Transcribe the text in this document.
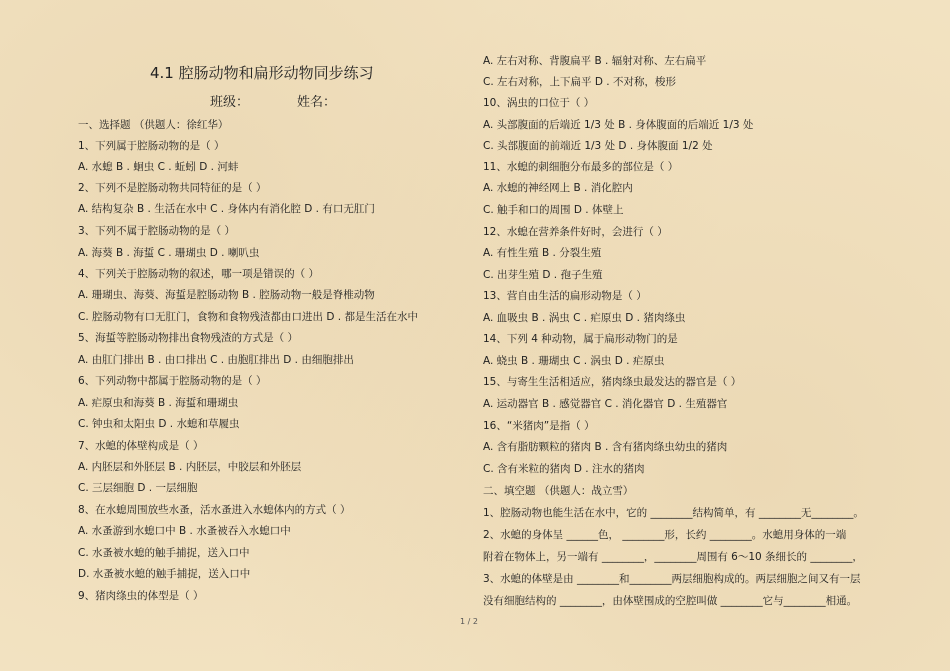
4.1 腔肠动物和扁形动物同步练习
班级：	姓名：
一、选择题 （供题人：徐红华）
1、下列属于腔肠动物的是（ ）
A. 水螅 B . 蛔虫 C . 蚯蚓 D . 河蚌
2、下列不是腔肠动物共同特征的是（ ）
A. 结构复杂 B . 生活在水中 C . 身体内有消化腔 D . 有口无肛门
3、下列不属于腔肠动物的是（ ）
A. 海葵 B . 海蜇 C . 珊瑚虫 D . 喇叭虫
4、下列关于腔肠动物的叙述，哪一项是错误的（ ）
A. 珊瑚虫、海葵、海蜇是腔肠动物 B . 腔肠动物一般是脊椎动物
C. 腔肠动物有口无肛门，食物和食物残渣都由口进出 D . 都是生活在水中
5、海蜇等腔肠动物排出食物残渣的方式是（ ）
A. 由肛门排出 B . 由口排出 C . 由胞肛排出 D . 由细胞排出
6、下列动物中都属于腔肠动物的是（ ）
A. 疟原虫和海葵 B . 海蜇和珊瑚虫
C. 钟虫和太阳虫 D . 水螅和草履虫
7、水螅的体壁构成是（ ）
A. 内胚层和外胚层 B . 内胚层，中胶层和外胚层
C. 三层细胞 D . 一层细胞
8、在水螅周围放些水蚤，活水蚤进入水螅体内的方式（ ）
A. 水蚤游到水螅口中 B . 水蚤被吞入水螅口中
C. 水蚤被水螅的触手捕捉，送入口中
D. 水蚤被水螅的触手捕捉，送入口中
9、猪肉绦虫的体型是（ ）
A. 左右对称、背腹扁平 B . 辐射对称、左右扁平
C. 左右对称，上下扁平 D . 不对称，梭形
10、涡虫的口位于（ ）
A. 头部腹面的后端近 1/3 处 B . 身体腹面的后端近 1/3 处
C. 头部腹面的前端近 1/3 处 D . 身体腹面 1/2 处
11、水螅的刺细胞分布最多的部位是（ ）
A. 水螅的神经网上 B . 消化腔内
C. 触手和口的周围 D . 体壁上
12、水螅在营养条件好时，会进行（ ）
A. 有性生殖 B . 分裂生殖
C. 出芽生殖 D . 孢子生殖
13、营自由生活的扁形动物是（ ）
A. 血吸虫 B . 涡虫 C . 疟原虫 D . 猪肉绦虫
14、下列 4 种动物，属于扁形动物门的是
A. 蛲虫 B . 珊瑚虫 C . 涡虫 D . 疟原虫
15、与寄生生活相适应，猪肉绦虫最发达的器官是（ ）
A. 运动器官 B . 感觉器官 C . 消化器官 D . 生殖器官
16、“米猪肉”是指（ ）
A. 含有脂肪颗粒的猪肉 B . 含有猪肉绦虫幼虫的猪肉
C. 含有米粒的猪肉 D . 注水的猪肉
二、填空题 （供题人：战立雪）
1、腔肠动物也能生活在水中，它的 ________结构简单，有 ________无________。
2、水螅的身体呈 ______色， ________形，长约 ________。水螅用身体的一端
附着在物体上，另一端有 ________，________周围有 6～10 条细长的 ________，
3、水螅的体壁是由 ________和________两层细胞构成的。两层细胞之间又有一层
没有细胞结构的 ________，由体壁围成的空腔叫做 ________它与________相通。
1 / 2
